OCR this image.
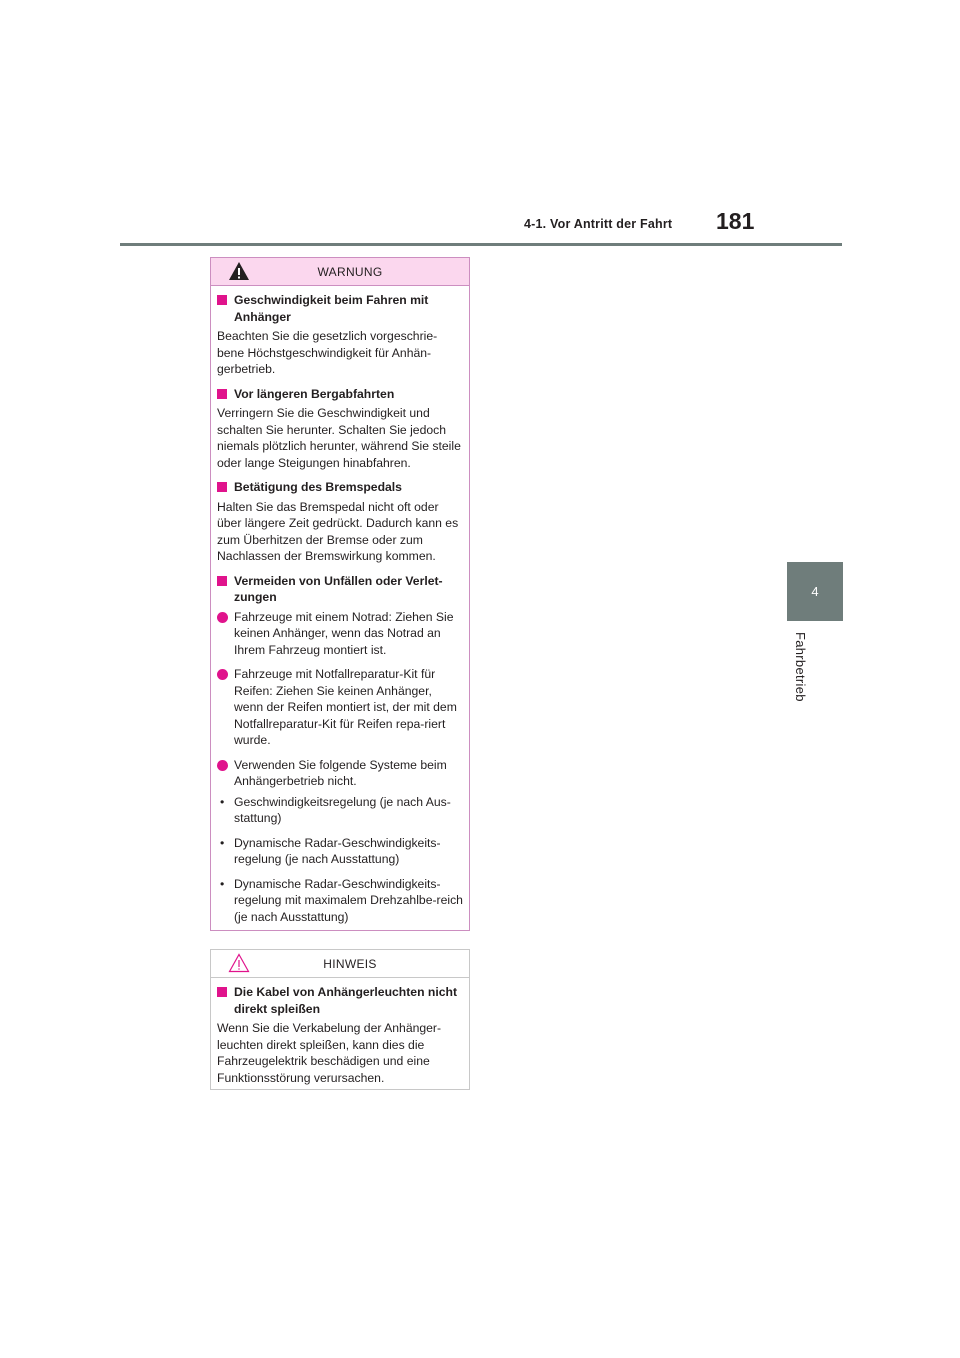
4-1. Vor Antritt der Fahrt 181
4
Fahrbetrieb
WARNUNG
Geschwindigkeit beim Fahren mit Anhänger
Beachten Sie die gesetzlich vorgeschrie-bene Höchstgeschwindigkeit für Anhän-gerbetrieb.
Vor längeren Bergabfahrten
Verringern Sie die Geschwindigkeit und schalten Sie herunter. Schalten Sie jedoch niemals plötzlich herunter, während Sie steile oder lange Steigungen hinabfahren.
Betätigung des Bremspedals
Halten Sie das Bremspedal nicht oft oder über längere Zeit gedrückt. Dadurch kann es zum Überhitzen der Bremse oder zum Nachlassen der Bremswirkung kommen.
Vermeiden von Unfällen oder Verlet-zungen
Fahrzeuge mit einem Notrad: Ziehen Sie keinen Anhänger, wenn das Notrad an Ihrem Fahrzeug montiert ist.
Fahrzeuge mit Notfallreparatur-Kit für Reifen: Ziehen Sie keinen Anhänger, wenn der Reifen montiert ist, der mit dem Notfallreparatur-Kit für Reifen repa-riert wurde.
Verwenden Sie folgende Systeme beim Anhängerbetrieb nicht.
• Geschwindigkeitsregelung (je nach Aus-stattung)
• Dynamische Radar-Geschwindigkeits-regelung (je nach Ausstattung)
• Dynamische Radar-Geschwindigkeits-regelung mit maximalem Drehzahlbe-reich (je nach Ausstattung)
HINWEIS
Die Kabel von Anhängerleuchten nicht direkt spleißen
Wenn Sie die Verkabelung der Anhänger-leuchten direkt spleißen, kann dies die Fahrzeugelektrik beschädigen und eine Funktionsstörung verursachen.
